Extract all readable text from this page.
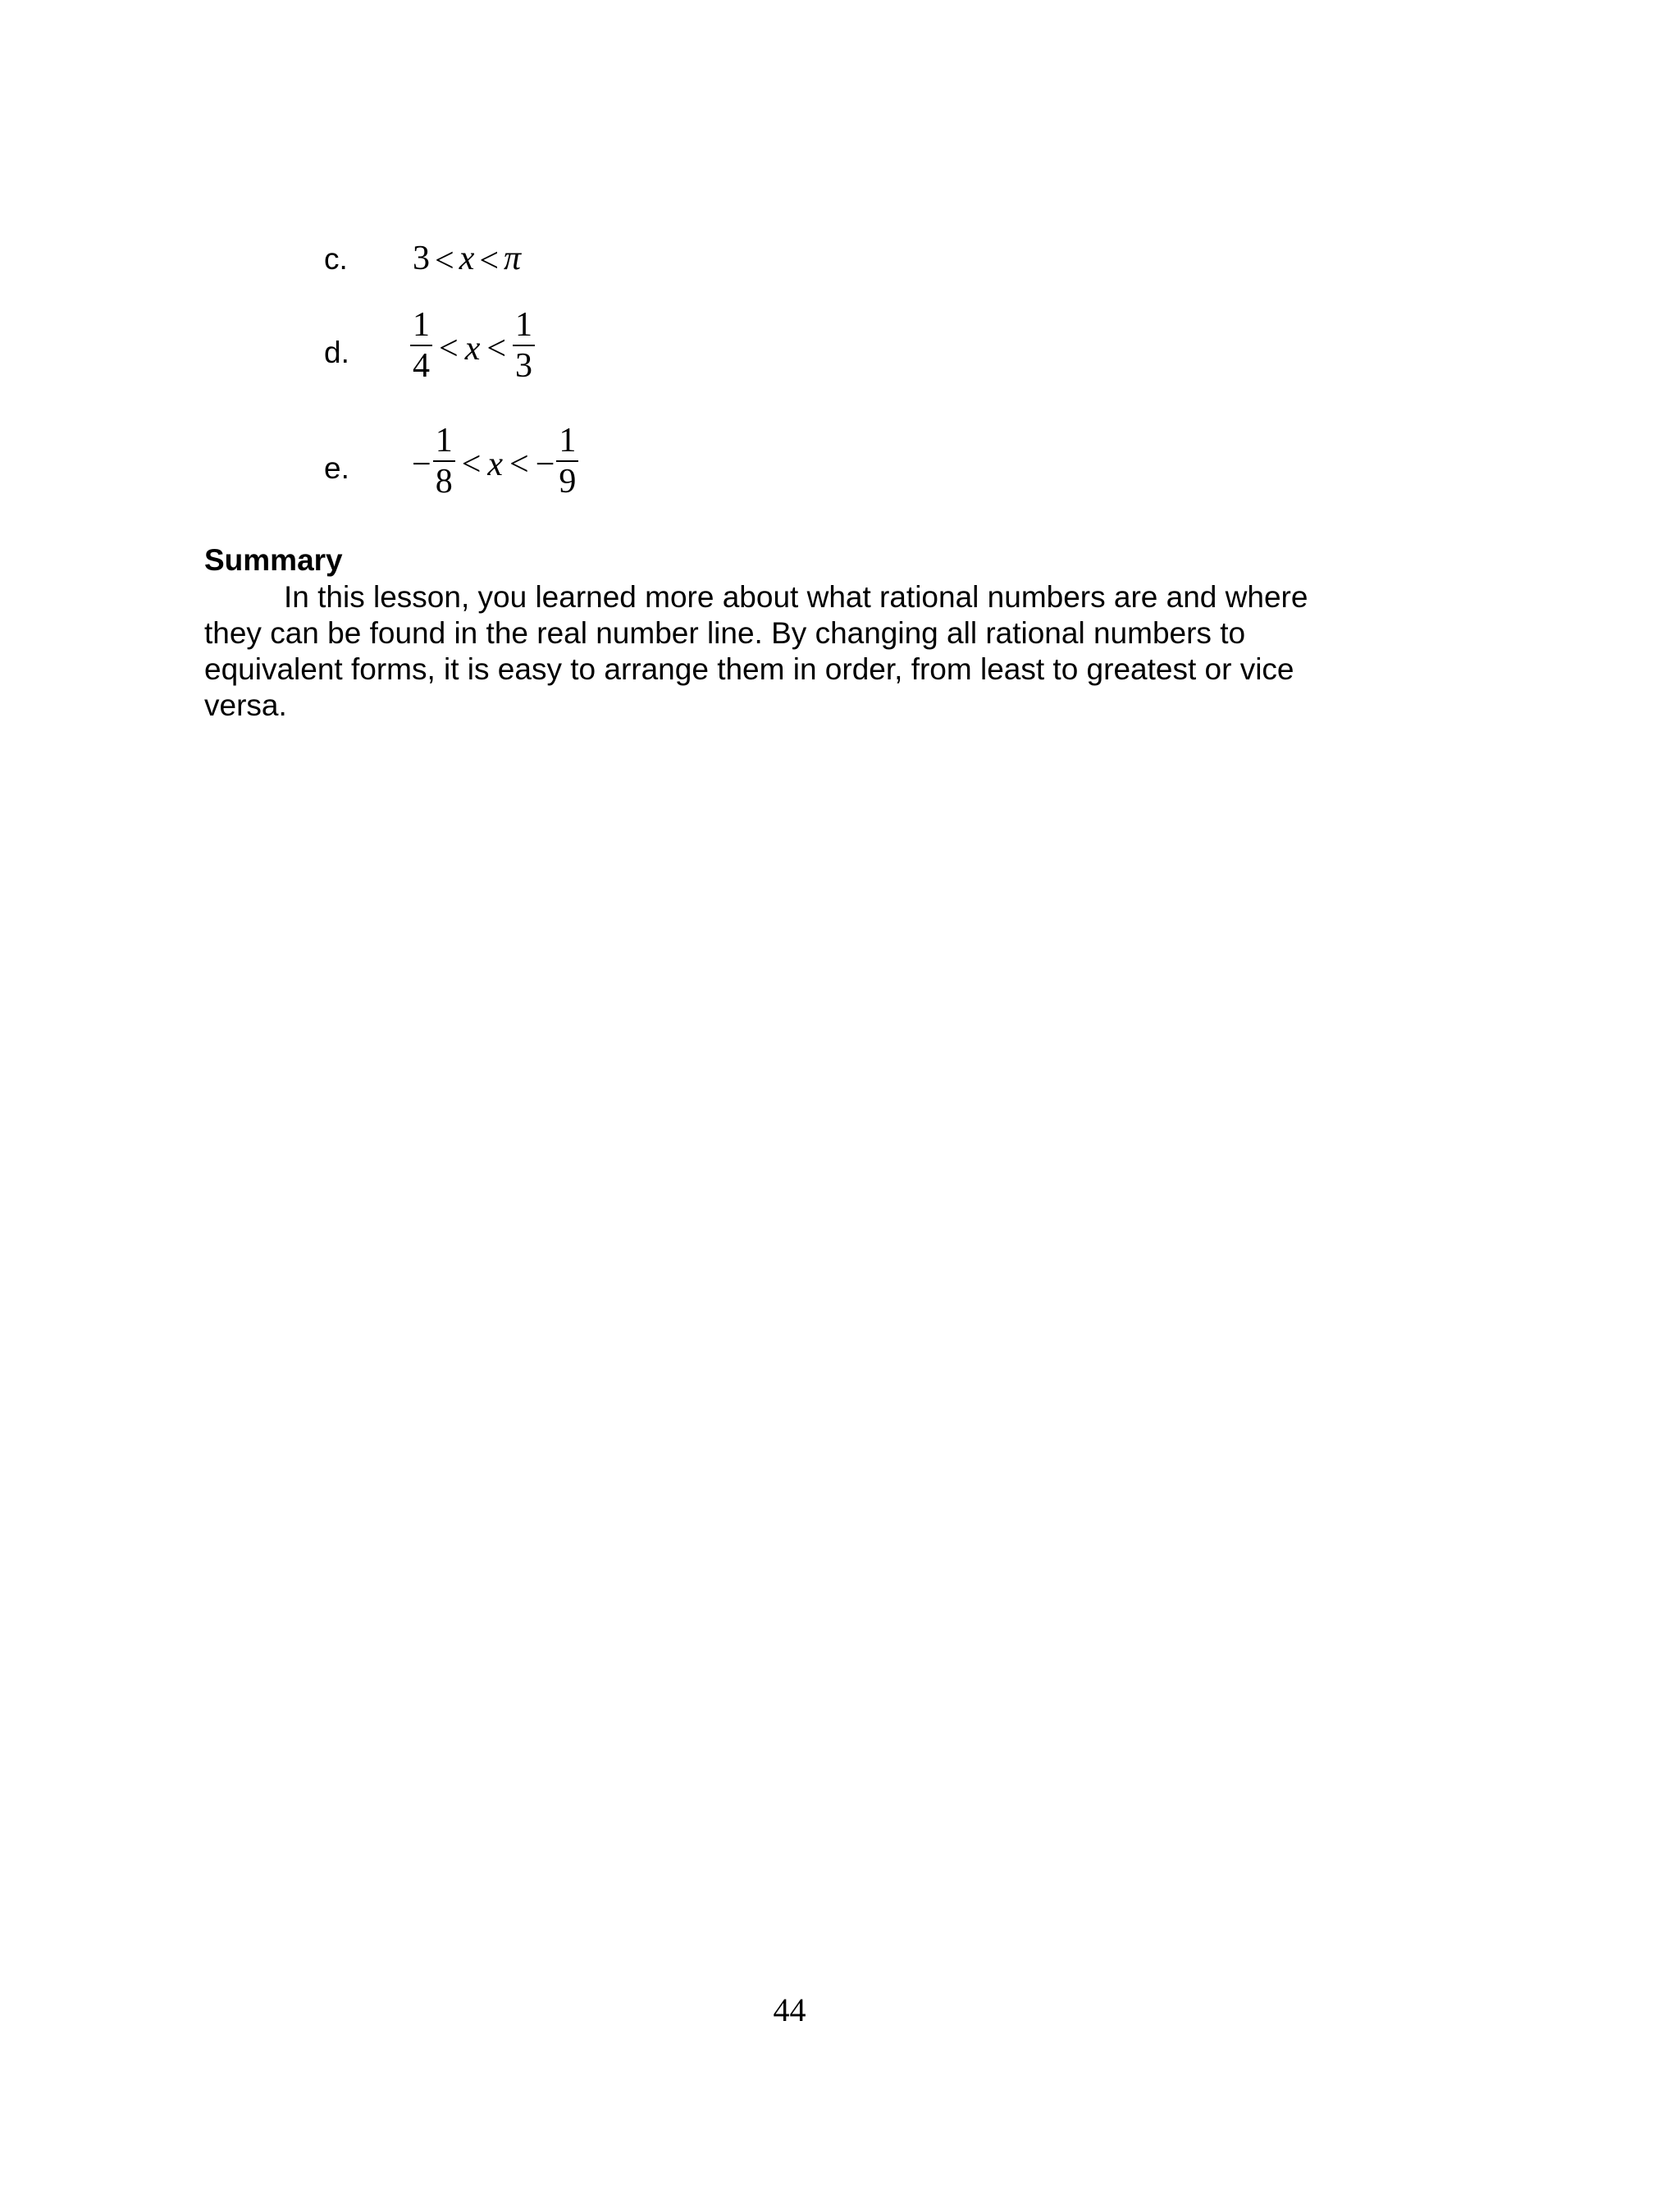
c. 3 < x < π
d. $\frac{1}{4} < x < \frac{1}{3}$
e. − $\frac{1}{8} < x$ < − $\frac{1}{9}$
Summary
In this lesson, you learned more about what rational numbers are and where
they can be found in the real number line. By changing all rational numbers to
equivalent forms, it is easy to arrange them in order, from least to greatest or vice
versa.
44
